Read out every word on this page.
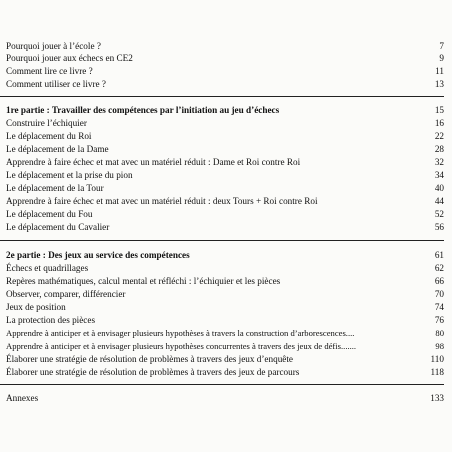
Pourquoi jouer à l’école ?	7
Pourquoi jouer aux échecs en CE2	9
Comment lire ce livre ?	11
Comment utiliser ce livre ?	13
1re partie : Travailler des compétences par l’initiation au jeu d’échecs	15
Construire l’échiquier	16
Le déplacement du Roi	22
Le déplacement de la Dame	28
Apprendre à faire échec et mat avec un matériel réduit : Dame et Roi contre Roi	32
Le déplacement et la prise du pion	34
Le déplacement de la Tour	40
Apprendre à faire échec et mat avec un matériel réduit : deux Tours + Roi contre Roi	44
Le déplacement du Fou	52
Le déplacement du Cavalier	56
2e partie : Des jeux au service des compétences	61
Échecs et quadrillages	62
Repères mathématiques, calcul mental et réfléchi : l’échiquier et les pièces	66
Observer, comparer, différencier	70
Jeux de position	74
La protection des pièces	76
Apprendre à anticiper et à envisager plusieurs hypothèses à travers la construction d’arborescences....	80
Apprendre à anticiper et à envisager plusieurs hypothèses concurrentes à travers des jeux de défis.......	98
Élaborer une stratégie de résolution de problèmes à travers des jeux d’enquête	110
Élaborer une stratégie de résolution de problèmes à travers des jeux de parcours	118
Annexes	133
